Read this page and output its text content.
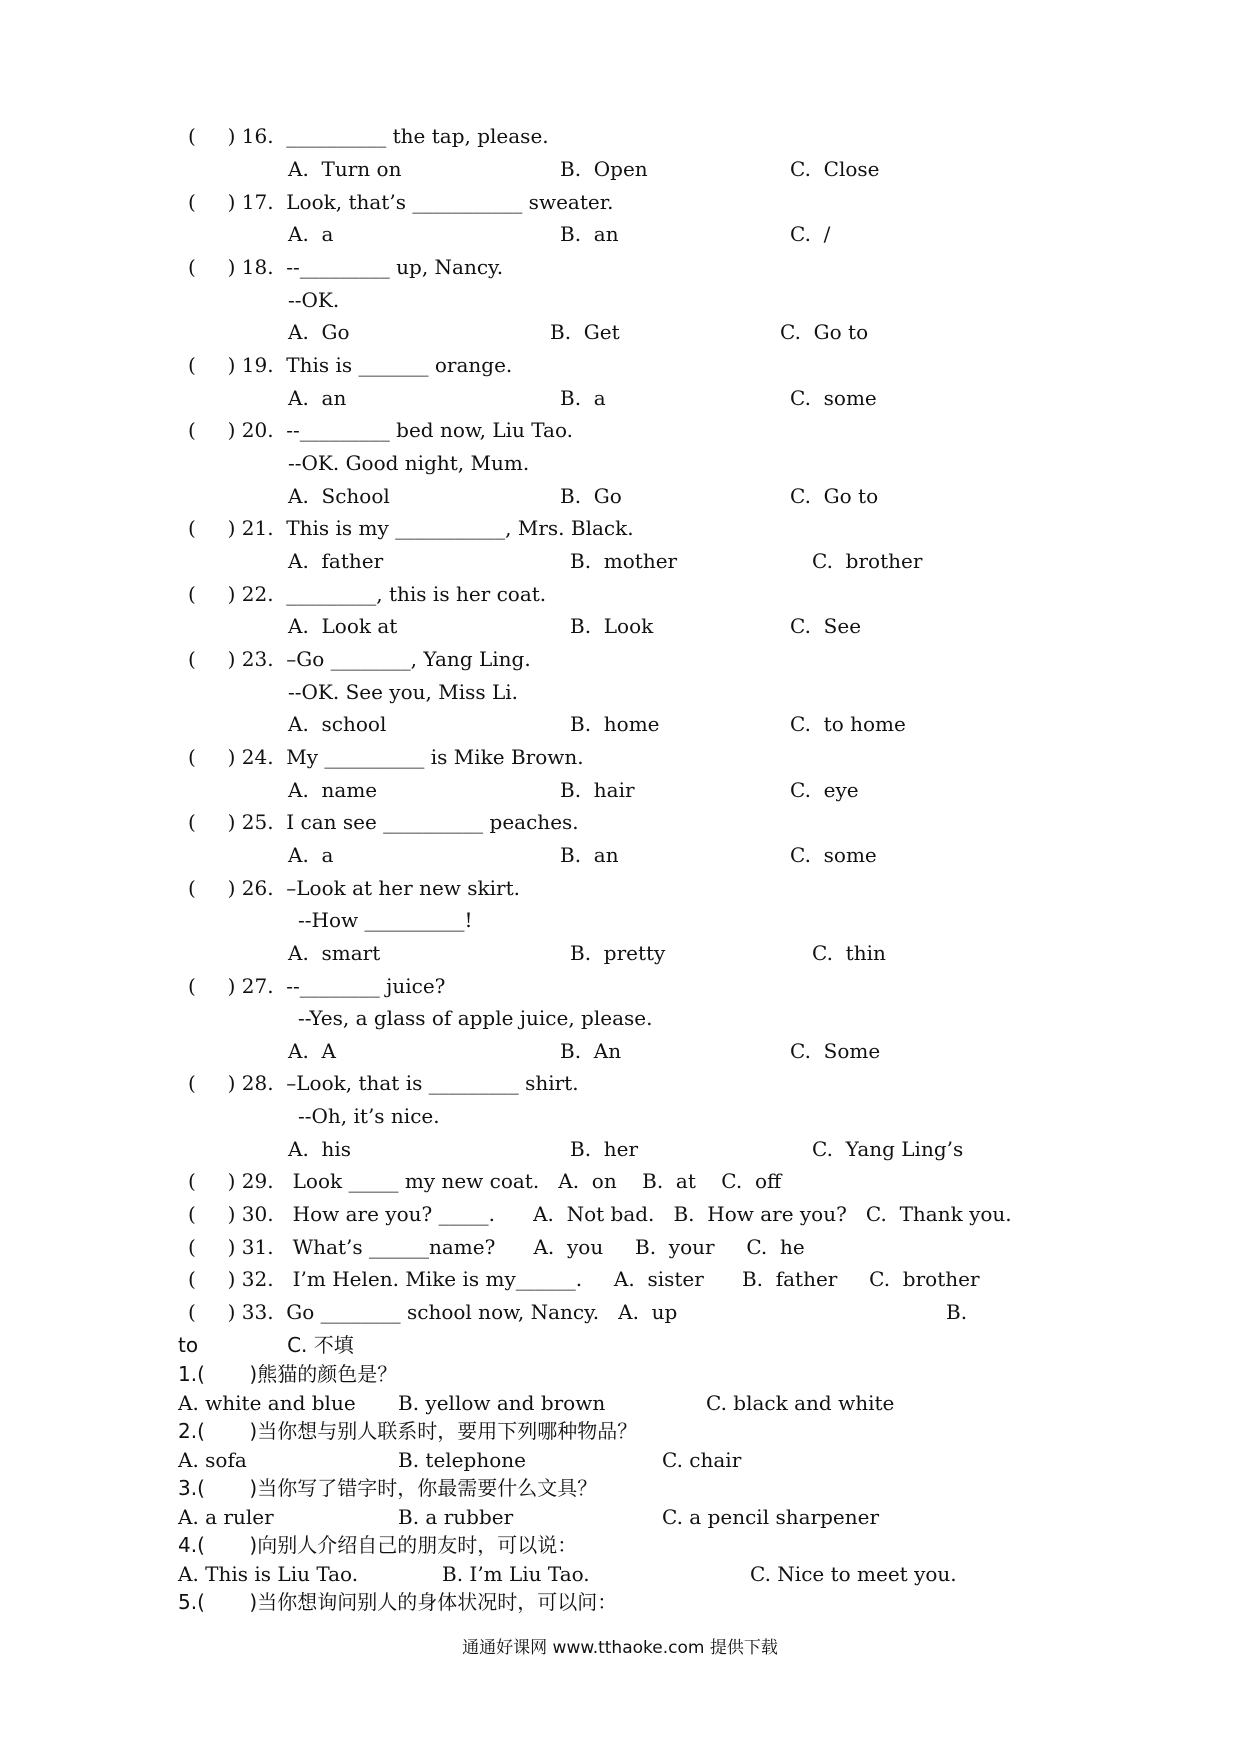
(     ) 16.  __________ the tap, please.
A.  Turn on	B.  Open	C.  Close
(     ) 17.  Look, that’s ___________ sweater.
A.  a	B.  an	C.  /
(     ) 18.  --_________ up, Nancy.
--OK.
A.  Go	B.  Get	C.  Go to
(     ) 19.  This is _______ orange.
A.  an	B.  a	C.  some
(     ) 20.  --_________ bed now, Liu Tao.
--OK. Good night, Mum.
A.  School	B.  Go	C.  Go to
(     ) 21.  This is my ___________, Mrs. Black.
A.  father	B.  mother	C.  brother
(     ) 22.  _________, this is her coat.
A.  Look at	B.  Look	C.  See
(     ) 23.  –Go ________, Yang Ling.
--OK. See you, Miss Li.
A.  school	B.  home	C.  to home
(     ) 24.  My __________ is Mike Brown.
A.  name	B.  hair	C.  eye
(     ) 25.  I can see __________ peaches.
A.  a	B.  an	C.  some
(     ) 26.  –Look at her new skirt.
--How __________!
A.  smart	B.  pretty	C.  thin
(     ) 27.  --________ juice?
--Yes, a glass of apple juice, please.
A.  A	B.  An	C.  Some
(     ) 28.  –Look, that is _________ shirt.
--Oh, it’s nice.
A.  his	B.  her	C.  Yang Ling’s
(     ) 29.   Look _____ my new coat.   A.  on    B.  at    C.  off
(     ) 30.   How are you? _____.      A.  Not bad.   B.  How are you?   C.  Thank you.
(     ) 31.   What’s ______name?      A.  you     B.  your     C.  he
(     ) 32.   I’m Helen. Mike is my______.     A.  sister      B.  father     C.  brother
(     ) 33.  Go ________ school now, Nancy.   A.  up	B.
to              C. 不填
1.(       )熊猫的颜色是？
A. white and blue B. yellow and brown	C. black and white
2.(       )当你想与别人联系时，要用下列哪种物品？
A. sofa	B. telephone	C. chair
3.(       )当你写了错字时，你最需要什么文具？
A. a ruler	B. a rubber	C. a pencil sharpener
4.(       )向别人介绍自己的朋友时，可以说：
A. This is Liu Tao.	B. I’m Liu Tao.	C. Nice to meet you.
5.(       )当你想询问别人的身体状况时，可以问：
通通好课网 www.tthaoke.com 提供下载
